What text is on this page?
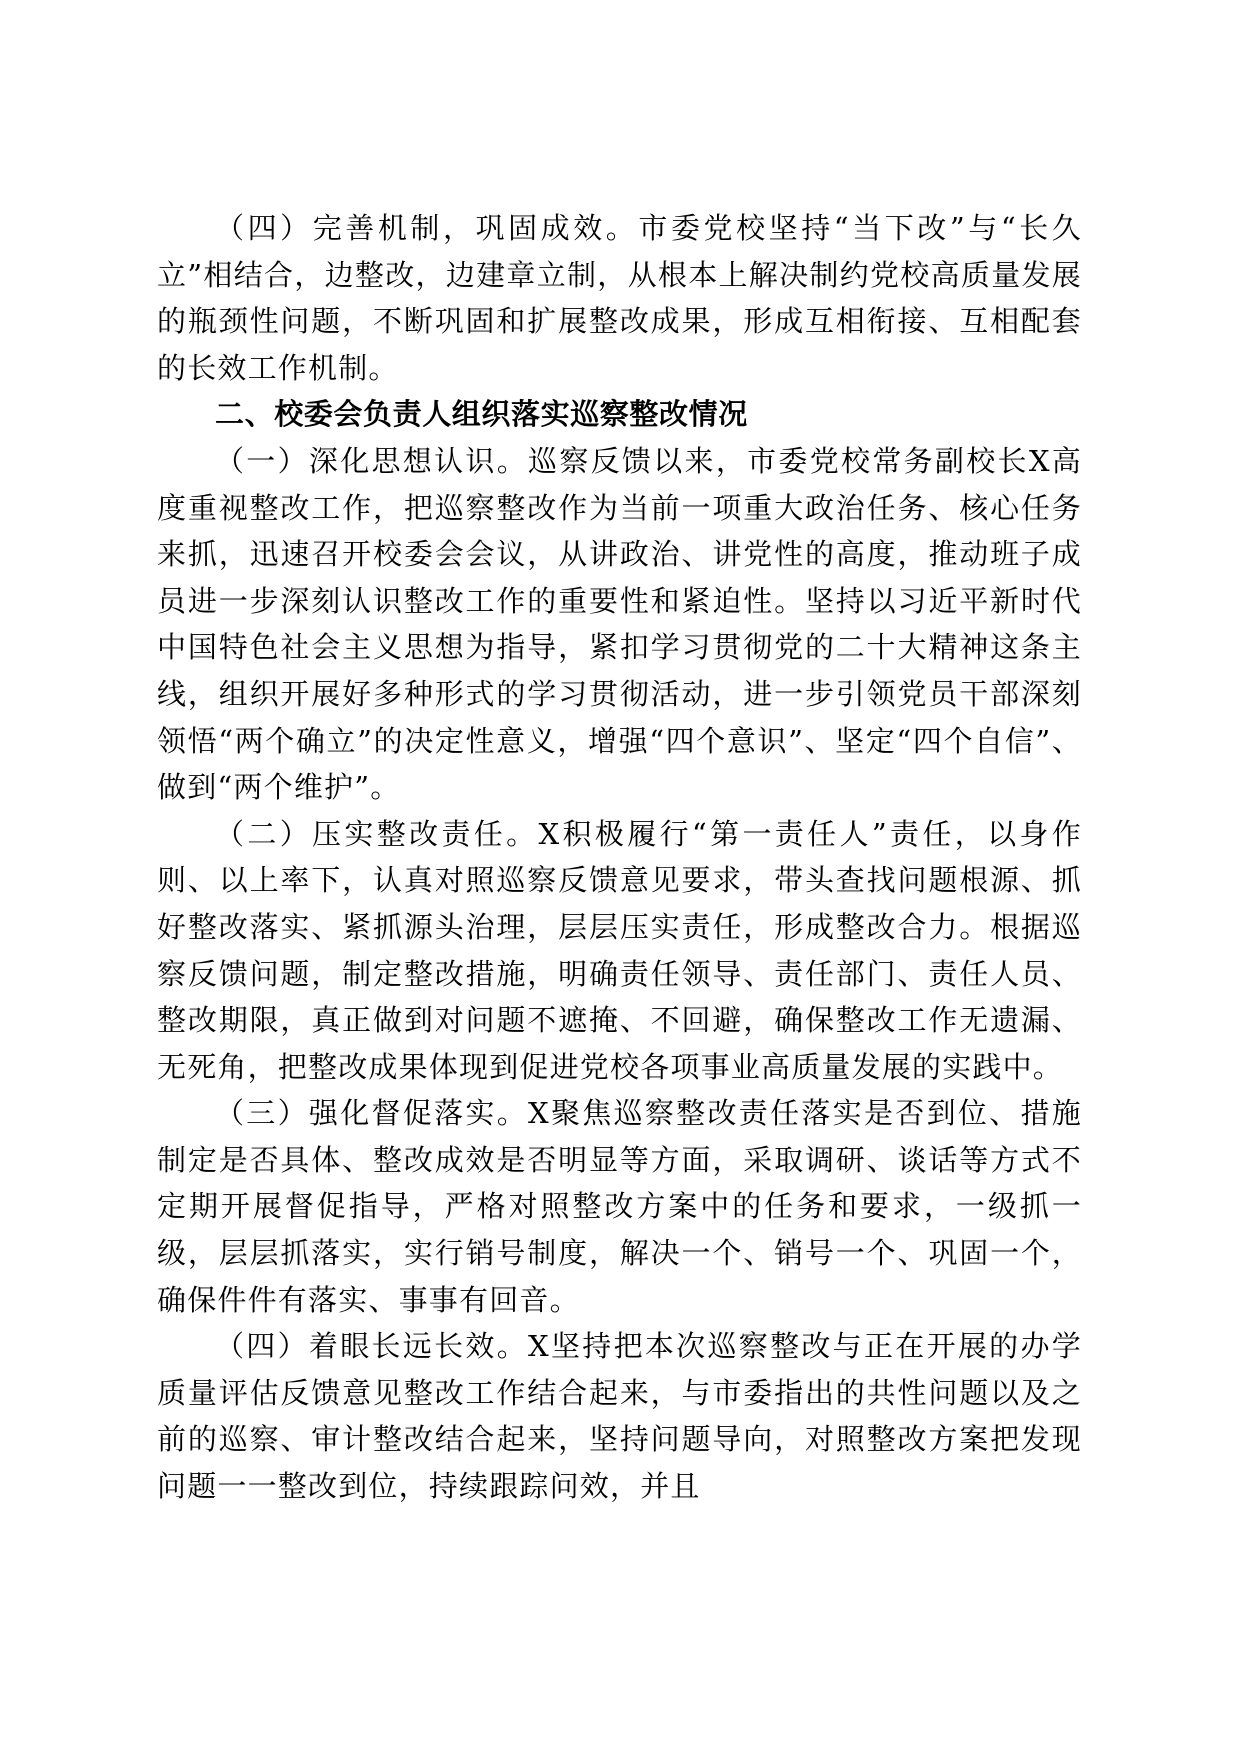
（四）完善机制，巩固成效。市委党校坚持“当下改”与“长久立”相结合，边整改，边建章立制，从根本上解决制约党校高质量发展的瓶颈性问题，不断巩固和扩展整改成果，形成互相衔接、互相配套的长效工作机制。

二、校委会负责人组织落实巡察整改情况

（一）深化思想认识。巡察反馈以来，市委党校常务副校长X高度重视整改工作，把巡察整改作为当前一项重大政治任务、核心任务来抓，迅速召开校委会会议，从讲政治、讲党性的高度，推动班子成员进一步深刻认识整改工作的重要性和紧迫性。坚持以习近平新时代中国特色社会主义思想为指导，紧扣学习贯彻党的二十大精神这条主线，组织开展好多种形式的学习贯彻活动，进一步引领党员干部深刻领悟“两个确立”的决定性意义，增强“四个意识”、坚定“四个自信”、做到“两个维护”。

（二）压实整改责任。X积极履行“第一责任人”责任，以身作则、以上率下，认真对照巡察反馈意见要求，带头查找问题根源、抓好整改落实、紧抓源头治理，层层压实责任，形成整改合力。根据巡察反馈问题，制定整改措施，明确责任领导、责任部门、责任人员、整改期限，真正做到对问题不遮掩、不回避，确保整改工作无遗漏、无死角，把整改成果体现到促进党校各项事业高质量发展的实践中。

（三）强化督促落实。X聚焦巡察整改责任落实是否到位、措施制定是否具体、整改成效是否明显等方面，采取调研、谈话等方式不定期开展督促指导，严格对照整改方案中的任务和要求，一级抓一级，层层抓落实，实行销号制度，解决一个、销号一个、巩固一个，确保件件有落实、事事有回音。

（四）着眼长远长效。X坚持把本次巡察整改与正在开展的办学质量评估反馈意见整改工作结合起来，与市委指出的共性问题以及之前的巡察、审计整改结合起来，坚持问题导向，对照整改方案把发现问题一一整改到位，持续跟踪问效，并且
